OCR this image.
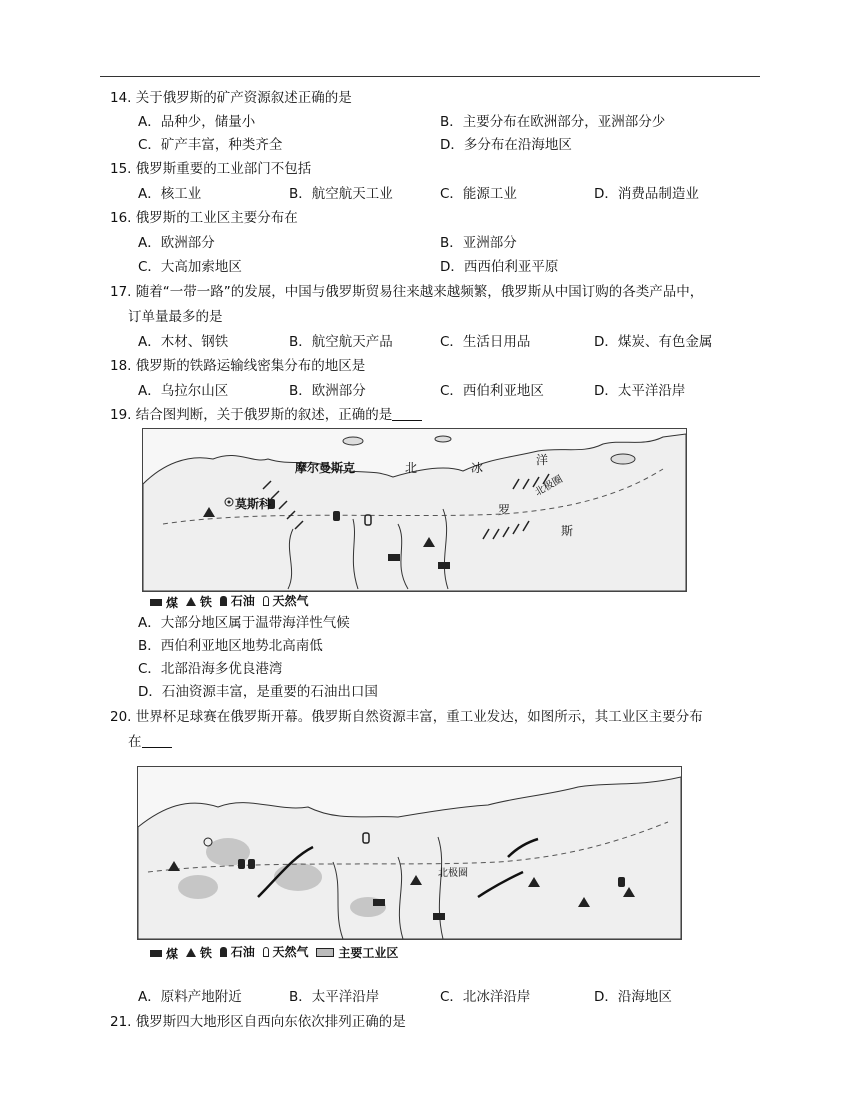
14. 关于俄罗斯的矿产资源叙述正确的是
A．品种少，储量小	B．主要分布在欧洲部分，亚洲部分少
C．矿产丰富，种类齐全	D．多分布在沿海地区
15. 俄罗斯重要的工业部门不包括
A．核工业	B．航空航天工业	C．能源工业	D．消费品制造业
16. 俄罗斯的工业区主要分布在
A．欧洲部分	B．亚洲部分
C．大高加索地区	D．西西伯利亚平原
17. 随着“一带一路”的发展，中国与俄罗斯贸易往来越来越频繁，俄罗斯从中国订购的各类产品中，
订单量最多的是
A．木材、钢铁	B．航空航天产品	C．生活日用品	D．煤炭、有色金属
18. 俄罗斯的铁路运输线密集分布的地区是
A．乌拉尔山区	B．欧洲部分	C．西伯利亚地区	D．太平洋沿岸
19. 结合图判断，关于俄罗斯的叙述，正确的是
摩尔曼斯克	北	冰
洋
北极圈
莫斯科	罗
斯
煤
铁
石油
天然气
A．大部分地区属于温带海洋性气候
B．西伯利亚地区地势北高南低
C．北部沿海多优良港湾
D．石油资源丰富，是重要的石油出口国
20. 世界杯足球赛在俄罗斯开幕。俄罗斯自然资源丰富，重工业发达，如图所示，其工业区主要分布
在
北极圈
煤
铁
石油
天然气
主要工业区
A．原料产地附近	B．太平洋沿岸	C．北冰洋沿岸	D．沿海地区
21. 俄罗斯四大地形区自西向东依次排列正确的是
